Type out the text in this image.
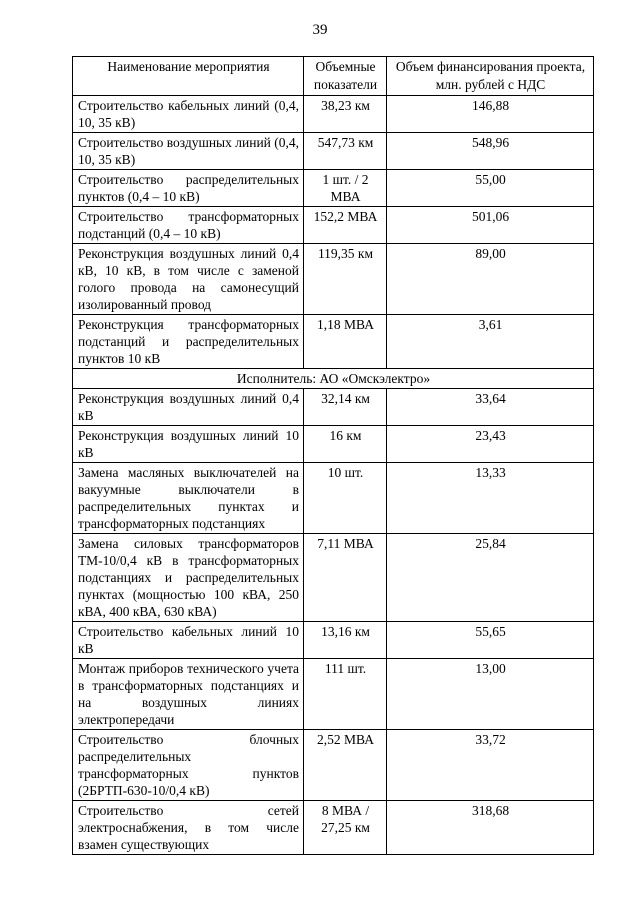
39
Наименование мероприятия	Объемные показатели	Объем финансирования проекта, млн. рублей с НДС
Строительство кабельных линий (0,4, 10, 35 кВ)	38,23 км	146,88
Строительство воздушных линий (0,4, 10, 35 кВ)	547,73 км	548,96
Строительство распределительных пунктов (0,4 – 10 кВ)	1 шт. / 2 МВА	55,00
Строительство трансформаторных подстанций (0,4 – 10 кВ)	152,2 МВА	501,06
Реконструкция воздушных линий 0,4 кВ, 10 кВ, в том числе с заменой голого провода на самонесущий изолированный провод	119,35 км	89,00
Реконструкция трансформаторных подстанций и распределительных пунктов 10 кВ	1,18 МВА	3,61
Исполнитель: АО «Омскэлектро»		
Реконструкция воздушных линий 0,4 кВ	32,14 км	33,64
Реконструкция воздушных линий 10 кВ	16 км	23,43
Замена масляных выключателей на вакуумные выключатели в распределительных пунктах и трансформаторных подстанциях	10 шт.	13,33
Замена силовых трансформаторов ТМ-10/0,4 кВ в трансформаторных подстанциях и распределительных пунктах (мощностью 100 кВА, 250 кВА, 400 кВА, 630 кВА)	7,11 МВА	25,84
Строительство кабельных линий 10 кВ	13,16 км	55,65
Монтаж приборов технического учета в трансформаторных подстанциях и на воздушных линиях электропередачи	111 шт.	13,00
Строительство блочных распределительных трансформаторных пунктов (2БРТП-630-10/0,4 кВ)	2,52 МВА	33,72
Строительство сетей электроснабжения, в том числе взамен существующих	8 МВА / 27,25 км	318,68
